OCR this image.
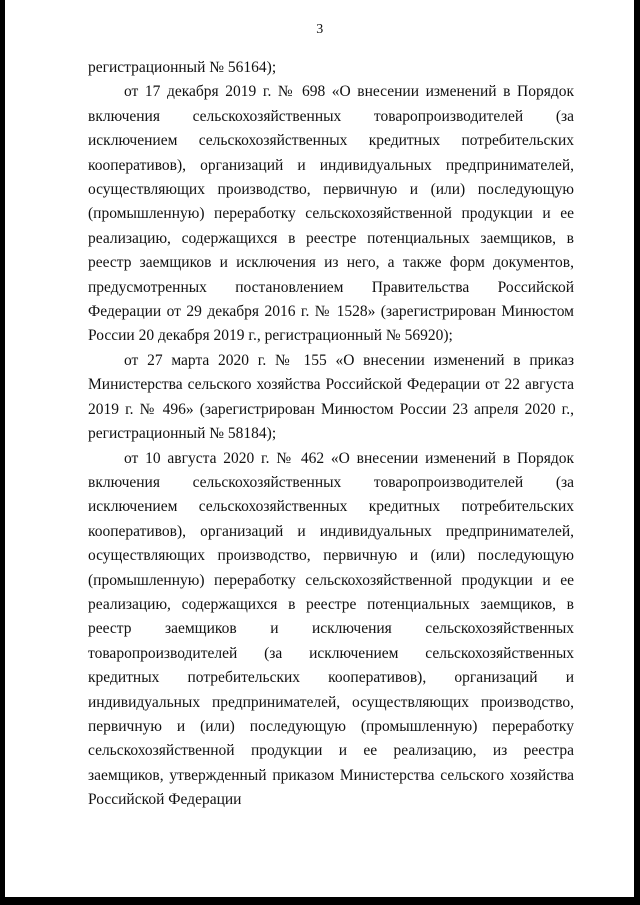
3

регистрационный № 56164);

от 17 декабря 2019 г. № 698 «О внесении изменений в Порядок включения сельскохозяйственных товаропроизводителей (за исключением сельскохозяйственных кредитных потребительских кооперативов), организаций и индивидуальных предпринимателей, осуществляющих производство, первичную и (или) последующую (промышленную) переработку сельскохозяйственной продукции и ее реализацию, содержащихся в реестре потенциальных заемщиков, в реестр заемщиков и исключения из него, а также форм документов, предусмотренных постановлением Правительства Российской Федерации от 29 декабря 2016 г. № 1528» (зарегистрирован Минюстом России 20 декабря 2019 г., регистрационный № 56920);

от 27 марта 2020 г. № 155 «О внесении изменений в приказ Министерства сельского хозяйства Российской Федерации от 22 августа 2019 г. № 496» (зарегистрирован Минюстом России 23 апреля 2020 г., регистрационный № 58184);

от 10 августа 2020 г. № 462 «О внесении изменений в Порядок включения сельскохозяйственных товаропроизводителей (за исключением сельскохозяйственных кредитных потребительских кооперативов), организаций и индивидуальных предпринимателей, осуществляющих производство, первичную и (или) последующую (промышленную) переработку сельскохозяйственной продукции и ее реализацию, содержащихся в реестре потенциальных заемщиков, в реестр заемщиков и исключения сельскохозяйственных товаропроизводителей (за исключением сельскохозяйственных кредитных потребительских кооперативов), организаций и индивидуальных предпринимателей, осуществляющих производство, первичную и (или) последующую (промышленную) переработку сельскохозяйственной продукции и ее реализацию, из реестра заемщиков, утвержденный приказом Министерства сельского хозяйства Российской Федерации
